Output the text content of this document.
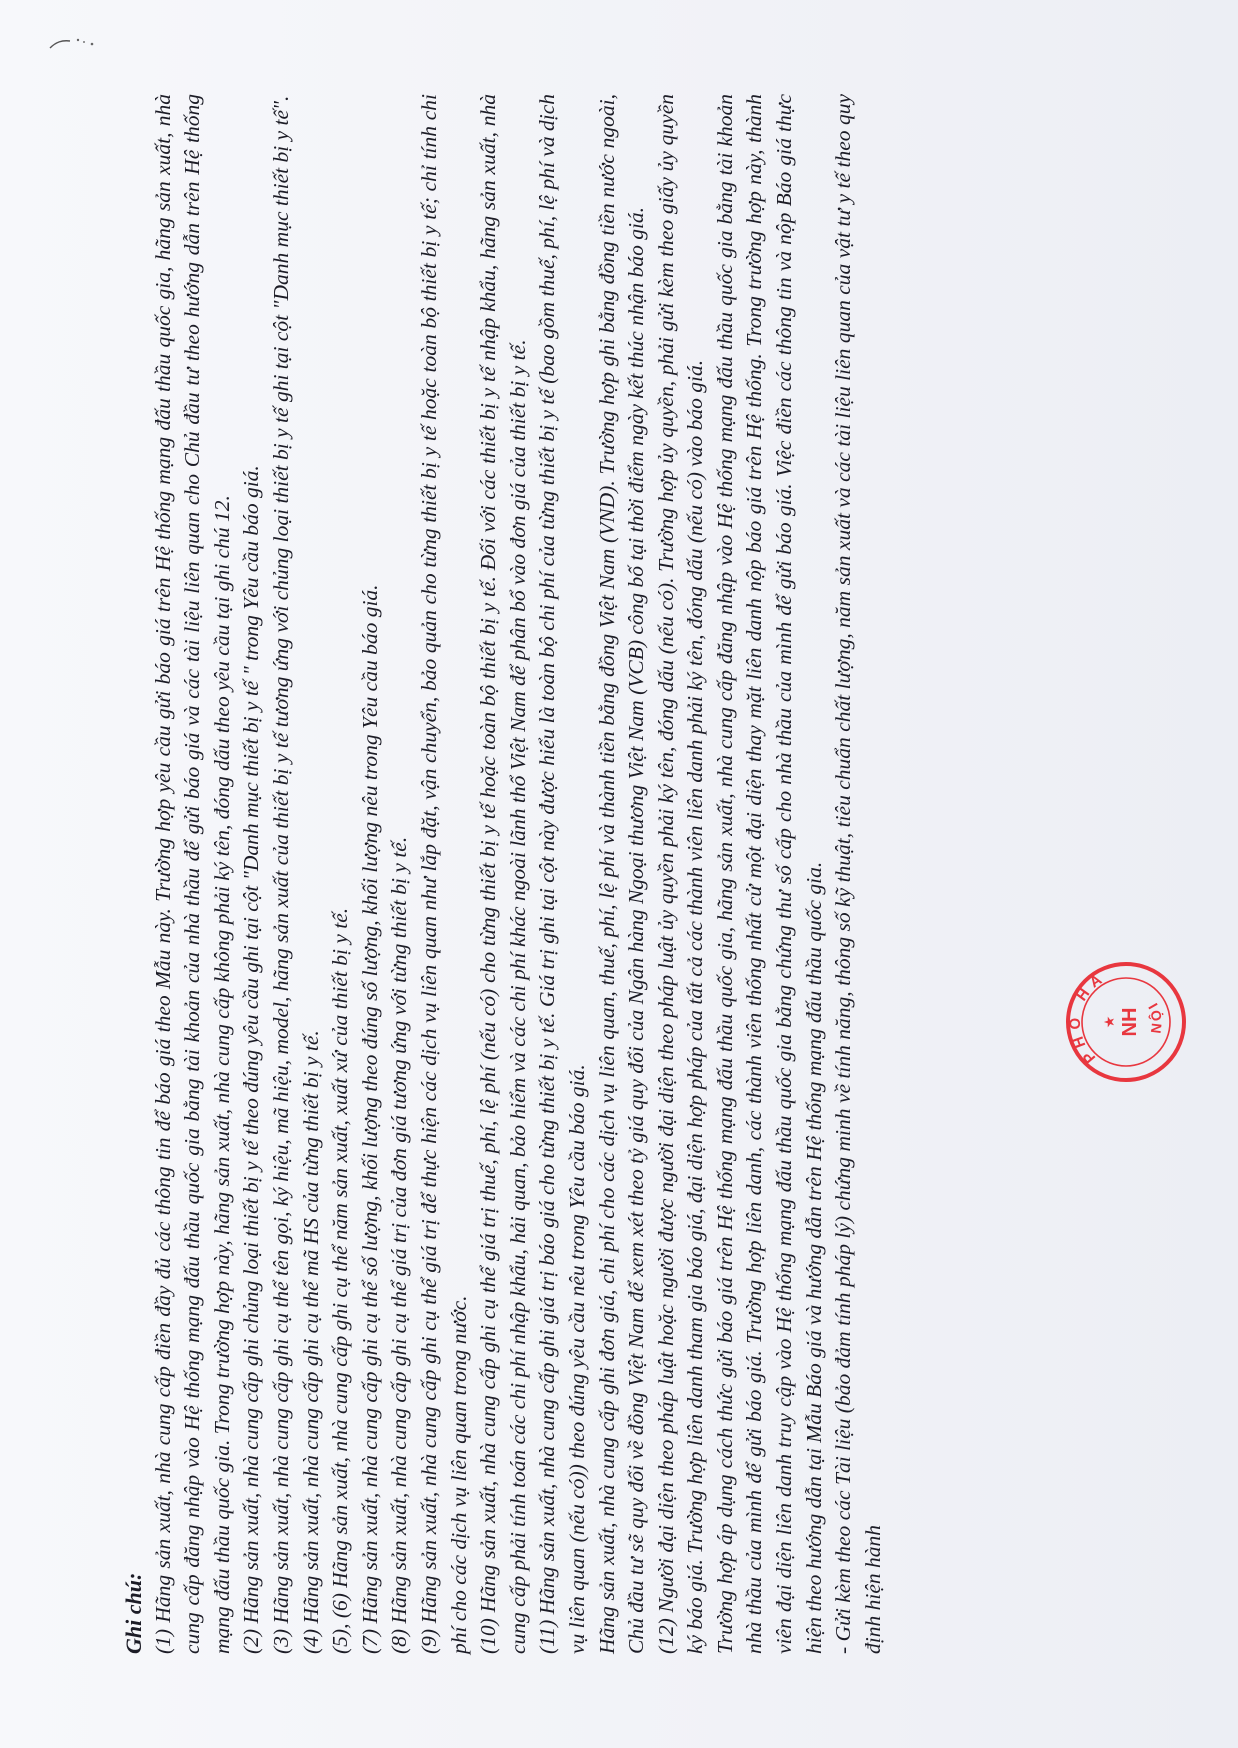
Ghi chú: (1) Hãng sản xuất, nhà cung cấp điền đầy đủ các thông tin để báo giá theo Mẫu này. Trường hợp yêu cầu gửi báo giá trên Hệ thống mạng đấu thầu quốc gia, hãng sản xuất, nhà cung cấp đăng nhập vào Hệ thống mạng đấu thầu quốc gia bằng tài khoản của nhà thầu để gửi báo giá và các tài liệu liên quan cho Chủ đầu tư theo hướng dẫn trên Hệ thống mạng đấu thầu quốc gia. Trong trường hợp này, hãng sản xuất, nhà cung cấp không phải ký tên, đóng dấu theo yêu cầu tại ghi chú 12. (2) Hãng sản xuất, nhà cung cấp ghi chủng loại thiết bị y tế theo đúng yêu cầu ghi tại cột "Danh mục thiết bị y tế " trong Yêu cầu báo giá. (3) Hãng sản xuất, nhà cung cấp ghi cụ thể tên gọi, ký hiệu, mã hiệu, model, hãng sản xuất của thiết bị y tế tương ứng với chủng loại thiết bị y tế ghi tại cột "Danh mục thiết bị y tế". (4) Hãng sản xuất, nhà cung cấp ghi cụ thể mã HS của từng thiết bị y tế. (5), (6) Hãng sản xuất, nhà cung cấp ghi cụ thể năm sản xuất, xuất xứ của thiết bị y tế. (7) Hãng sản xuất, nhà cung cấp ghi cụ thể số lượng, khối lượng theo đúng số lượng, khối lượng nêu trong Yêu cầu báo giá. (8) Hãng sản xuất, nhà cung cấp ghi cụ thể giá trị của đơn giá tương ứng với từng thiết bị y tế. (9) Hãng sản xuất, nhà cung cấp ghi cụ thể giá trị để thực hiện các dịch vụ liên quan như lắp đặt, vận chuyển, bảo quản cho từng thiết bị y tế hoặc toàn bộ thiết bị y tế; chỉ tính chi phí cho các dịch vụ liên quan trong nước. (10) Hãng sản xuất, nhà cung cấp ghi cụ thể giá trị thuế, phí, lệ phí (nếu có) cho từng thiết bị y tế hoặc toàn bộ thiết bị y tế. Đối với các thiết bị y tế nhập khẩu, hãng sản xuất, nhà cung cấp phải tính toán các chi phí nhập khẩu, hải quan, bảo hiểm và các chi phí khác ngoài lãnh thổ Việt Nam để phân bổ vào đơn giá của thiết bị y tế. (11) Hãng sản xuất, nhà cung cấp ghi giá trị báo giá cho từng thiết bị y tế. Giá trị ghi tại cột này được hiểu là toàn bộ chi phí của từng thiết bị y tế (bao gồm thuế, phí, lệ phí và dịch vụ liên quan (nếu có)) theo đúng yêu cầu nêu trong Yêu cầu báo giá. Hãng sản xuất, nhà cung cấp ghi đơn giá, chi phí cho các dịch vụ liên quan, thuế, phí, lệ phí và thành tiền bằng đồng Việt Nam (VND). Trường hợp ghi bằng đồng tiền nước ngoài, Chủ đầu tư sẽ quy đổi về đồng Việt Nam để xem xét theo tỷ giá quy đổi của Ngân hàng Ngoại thương Việt Nam (VCB) công bố tại thời điểm ngày kết thúc nhận báo giá. (12) Người đại diện theo pháp luật hoặc người được người đại diện theo pháp luật ủy quyền phải ký tên, đóng dấu (nếu có). Trường hợp ủy quyền, phải gửi kèm theo giấy ủy quyền ký báo giá. Trường hợp liên danh tham gia báo giá, đại diện hợp pháp của tất cả các thành viên liên danh phải ký tên, đóng dấu (nếu có) vào báo giá. Trường hợp áp dụng cách thức gửi báo giá trên Hệ thống mạng đấu thầu quốc gia, hãng sản xuất, nhà cung cấp đăng nhập vào Hệ thống mạng đấu thầu quốc gia bằng tài khoản nhà thầu của mình để gửi báo giá. Trường hợp liên danh, các thành viên thống nhất cử một đại diện thay mặt liên danh nộp báo giá trên Hệ thống. Trong trường hợp này, thành viên đại diện liên danh truy cập vào Hệ thống mạng đấu thầu quốc gia bằng chứng thư số cấp cho nhà thầu của mình để gửi báo giá. Việc điền các thông tin và nộp Báo giá thực hiện theo hướng dẫn tại Mẫu Báo giá và hướng dẫn trên Hệ thống mạng đấu thầu quốc gia. - Gửi kèm theo các Tài liệu (bảo đảm tính pháp lý) chứng minh về tính năng, thông số kỹ thuật, tiêu chuẩn chất lượng, năm sản xuất và các tài liệu liên quan của vật tư y tế theo quy định hiện hành

PHỐ HÀ
NỘI
NH
★
